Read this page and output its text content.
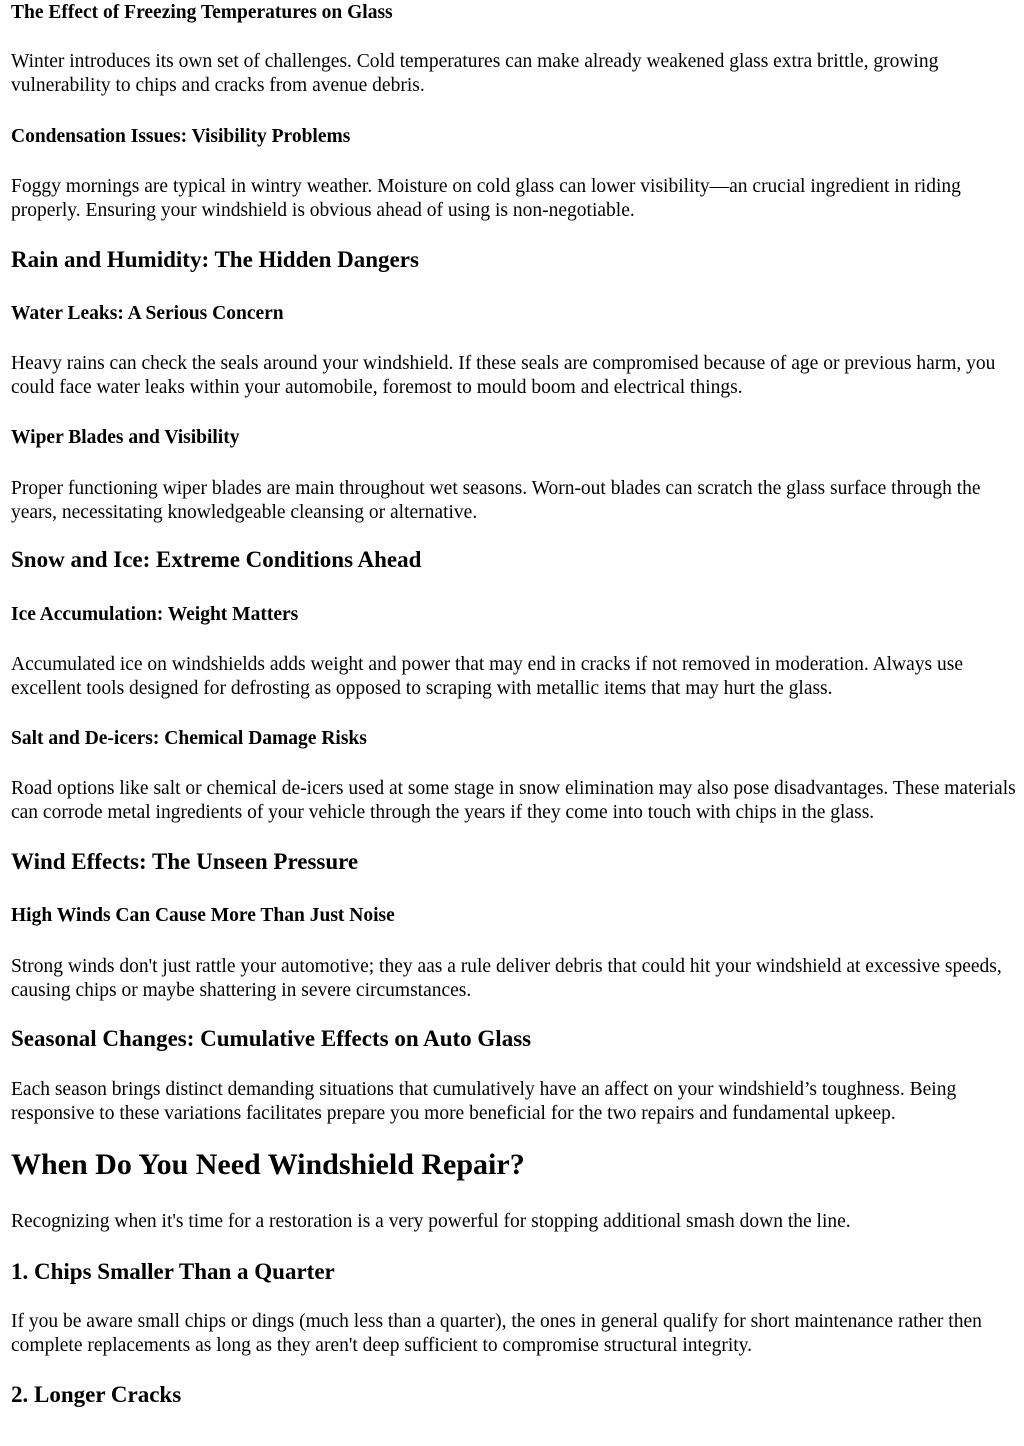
The Effect of Freezing Temperatures on Glass

Winter introduces its own set of challenges. Cold temperatures can make already weakened glass extra brittle, growing vulnerability to chips and cracks from avenue debris.

Condensation Issues: Visibility Problems

Foggy mornings are typical in wintry weather. Moisture on cold glass can lower visibility—an crucial ingredient in riding properly. Ensuring your windshield is obvious ahead of using is non-negotiable.

Rain and Humidity: The Hidden Dangers
Water Leaks: A Serious Concern

Heavy rains can check the seals around your windshield. If these seals are compromised because of age or previous harm, you could face water leaks within your automobile, foremost to mould boom and electrical things.

Wiper Blades and Visibility

Proper functioning wiper blades are main throughout wet seasons. Worn-out blades can scratch the glass surface through the years, necessitating knowledgeable cleansing or alternative.

Snow and Ice: Extreme Conditions Ahead
Ice Accumulation: Weight Matters

Accumulated ice on windshields adds weight and power that may end in cracks if not removed in moderation. Always use excellent tools designed for defrosting as opposed to scraping with metallic items that may hurt the glass.

Salt and De-icers: Chemical Damage Risks

Road options like salt or chemical de-icers used at some stage in snow elimination may also pose disadvantages. These materials can corrode metal ingredients of your vehicle through the years if they come into touch with chips in the glass.

Wind Effects: The Unseen Pressure
High Winds Can Cause More Than Just Noise

Strong winds don't just rattle your automotive; they aas a rule deliver debris that could hit your windshield at excessive speeds, causing chips or maybe shattering in severe circumstances.

Seasonal Changes: Cumulative Effects on Auto Glass

Each season brings distinct demanding situations that cumulatively have an affect on your windshield’s toughness. Being responsive to these variations facilitates prepare you more beneficial for the two repairs and fundamental upkeep.

When Do You Need Windshield Repair?

Recognizing when it's time for a restoration is a very powerful for stopping additional smash down the line.

1. Chips Smaller Than a Quarter

If you be aware small chips or dings (much less than a quarter), the ones in general qualify for short maintenance rather then complete replacements as long as they aren't deep sufficient to compromise structural integrity.

2. Longer Cracks
